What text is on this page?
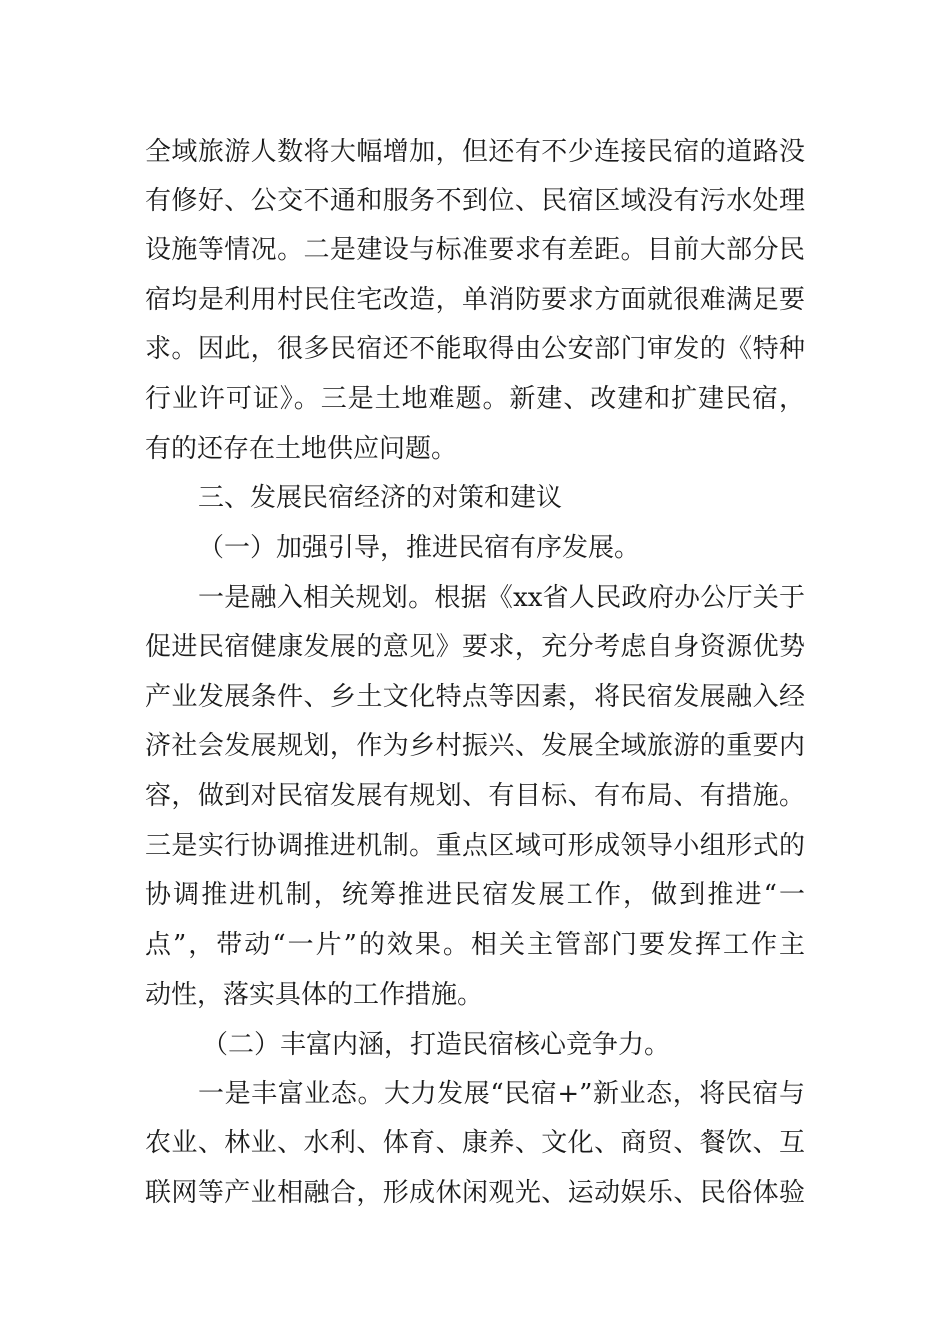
全域旅游人数将大幅增加，但还有不少连接民宿的道路没
有修好、公交不通和服务不到位、民宿区域没有污水处理
设施等情况。二是建设与标准要求有差距。目前大部分民
宿均是利用村民住宅改造，单消防要求方面就很难满足要
求。因此，很多民宿还不能取得由公安部门审发的《特种
行业许可证》。三是土地难题。新建、改建和扩建民宿，
有的还存在土地供应问题。
三、发展民宿经济的对策和建议
（一）加强引导，推进民宿有序发展。
一是融入相关规划。根据《xx省人民政府办公厅关于
促进民宿健康发展的意见》要求，充分考虑自身资源优势
产业发展条件、乡土文化特点等因素，将民宿发展融入经
济社会发展规划，作为乡村振兴、发展全域旅游的重要内
容，做到对民宿发展有规划、有目标、有布局、有措施。
三是实行协调推进机制。重点区域可形成领导小组形式的
协调推进机制，统筹推进民宿发展工作，做到推进“一
点”，带动“一片”的效果。相关主管部门要发挥工作主
动性，落实具体的工作措施。
（二）丰富内涵，打造民宿核心竞争力。
一是丰富业态。大力发展“民宿+”新业态，将民宿与
农业、林业、水利、体育、康养、文化、商贸、餐饮、互
联网等产业相融合，形成休闲观光、运动娱乐、民俗体验
